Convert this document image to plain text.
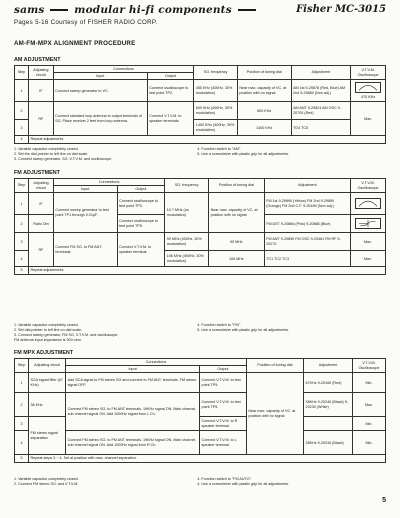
sams	modular hi-fi components	Fisher MC-3015
Pages 5-16 Courtesy of FISHER RADIO CORP.
AM-FM-MPX ALIGNMENT PROCEDURE
AM ADJUSTMENT
Step	Adjusting circuit	Connections		SG. frequency	Position of tuning dial	Adjustment	V.T.V.M. Oscilloscope
		Input	Output				
1	IF	Connect sweep generator to VC.	Connect oscilloscope to test point TP2.	455 KHz (400Hz, 30% modulation)	Near max. capacity of VC. at position with no signal	AM 1st 9-29878 (Red, Blue) AM 2nd 9-29880 (Non adj.)	470 KHz
2	RF	Connect standard loop antenna to output terminals of SG. Place receiver 2 feet from loop antenna.	Connect V.T.V.M. to speaker terminals.	600 KHz (400Hz, 30% modulation)	600 KHz	AM ANT 9-29824 AM OSC 9-20700 (Red)	Max.
3				1400 KHz (400Hz, 30% modulation)	1400 KHz	TO4 TC5	
4	Repeat adjustments						
1. Variable capacitor completely closed.
2. Set the dial pointer to left line on dial scale.
3. Connect sweep generator, SG, V.T.V.M. and oscilloscope.

4. Function switch to "AM".
5. Use a screwdriver with plastic grip for all adjustments.
FM ADJUSTMENT
Step	Adjusting circuit	Connections		SG. frequency	Position of tuning dial	Adjustment	V.T.V.M. Oscilloscope
		Input	Output				
1	IF	Connect sweep generator to test point TP1 through 0.01μF.	Connect oscilloscope to test point TP3.	10.7 MHz (no modulation)	Near max. capacity of VC. at position with no signal	FM 1st 9-29890 (Yellow) FM 2nd 9-29890 (Orange) FM 2nd C.F. 9-29189 (Non adj.)	

2	Ratio Det		Connect oscilloscope to test point TP5.			FM DET 9-20866 (Pink) 9-20868 (Blue)	

3	RF	Connect FM SG. to FM ANT. terminals.	Connect V.T.V.M. to speaker terminal.	90 MHz (400Hz, 30% modulation)	90 MHz	FM ANT 9-20890 FM OSC 9-20461 FM RF 9-20270	Max.
4				106 MHz (400Hz, 30% modulation)	106 MHz	TC1 TC2 TC3	Max.
5	Repeat adjustments.						
1. Variable capacitor completely closed.
2. Set dial pointer to left line on dial scale.
3. Connect sweep generator, FM SG, V.T.V.M. and oscilloscope.
FM antenna input impedance is 300 ohm.

4. Function switch to "FM".
5. Use a screwdriver with plastic grip for all adjustments.
FM MPX ADJUSTMENT
Step	Adjusting circuit	Connections		Position of tuning dial	Adjustment	V.T.V.M. Oscilloscope
		Input	Output			
1	SCA signal filter (67 KHz)	Add SCA signal to FM stereo SG and connect to FM ANT. terminals. FM stereo signal OFF.	Connect V.T.V.M. to test point TP5.	Near max. capacity of VC. at position with no signal	67KHz 9-20160 (Red)	Min.
2	38 KHz	Connect FM stereo SG. to FM ANT terminals. 19KHz signal ON. Main channel, sub channel signal ON. Add 1000Hz signal from L Ch.	Connect V.T.V.M. to test point TP5.		38KHz 9-20240 (Black) 9-20230 (White)	Max.
3	FM stereo signal separation		Connect V.T.V.M. to R speaker terminal.			Min.
4		Connect FM stereo SG. to FM ANT terminals. 19KHz signal ON. Main channel, sub channel signal ON. Add 1000Hz signal from R Ch.	Connect V.T.V.M. to L speaker terminal.		38KHz 9-20240 (Black)	Min.
5	Repeat steps 3 ~ 4. Set at position with max. channel separation.					
1. Variable capacitor completely closed.
2. Connect FM stereo SG. and V.T.V.M.

3. Function switch to "FM AUTO".
4. Use a screwdriver with plastic grip for all adjustments.
5
